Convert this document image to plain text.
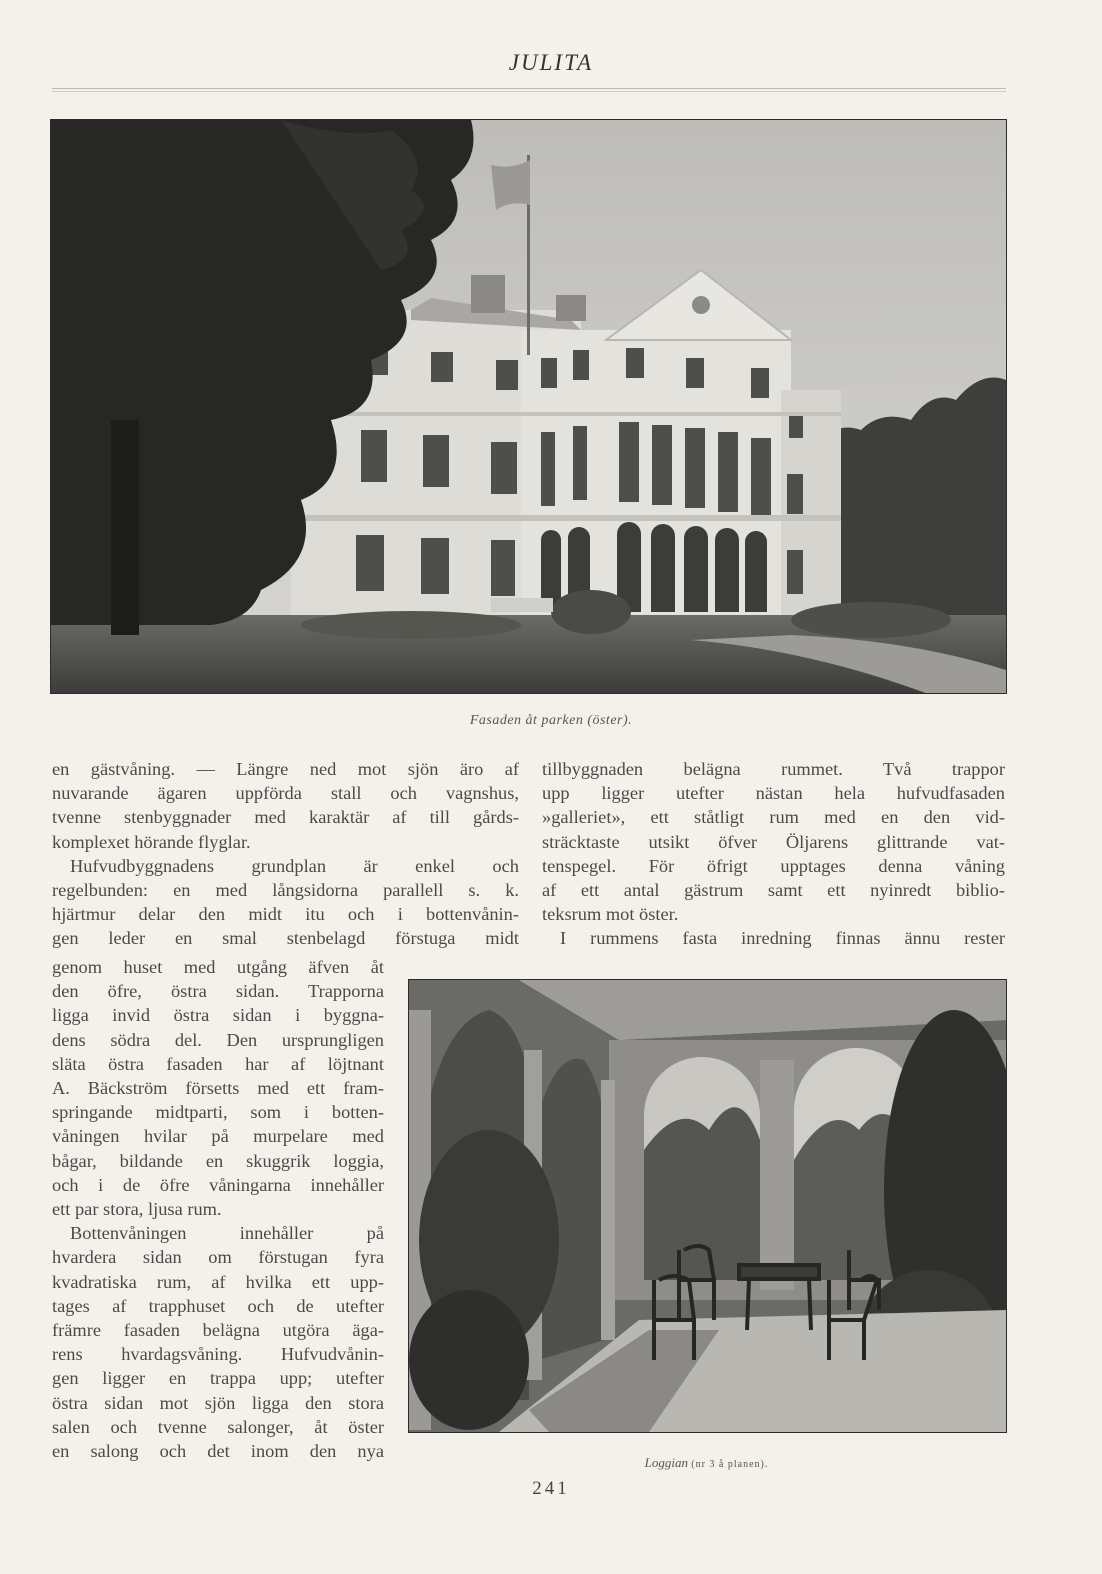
JULITA
Fasaden åt parken (öster).
en gästvåning. — Längre ned mot sjön äro af
nuvarande ägaren uppförda stall och vagnshus,
tvenne stenbyggnader med karaktär af till gårds-
komplexet hörande flyglar.
Hufvudbyggnadens grundplan är enkel och
regelbunden: en med långsidorna parallell s. k.
hjärtmur delar den midt itu och i bottenvånin-
gen leder en smal stenbelagd förstuga midt
tillbyggnaden belägna rummet. Två trappor
upp ligger utefter nästan hela hufvudfasaden
»galleriet», ett ståtligt rum med en den vid-
sträcktaste utsikt öfver Öljarens glittrande vat-
tenspegel. För öfrigt upptages denna våning
af ett antal gästrum samt ett nyinredt biblio-
teksrum mot öster.
I rummens fasta inredning finnas ännu rester
genom huset med utgång äfven åt
den öfre, östra sidan. Trapporna
ligga invid östra sidan i byggna-
dens södra del. Den ursprungligen
släta östra fasaden har af löjtnant
A. Bäckström försetts med ett fram-
springande midtparti, som i botten-
våningen hvilar på murpelare med
bågar, bildande en skuggrik loggia,
och i de öfre våningarna innehåller
ett par stora, ljusa rum.
Bottenvåningen innehåller på
hvardera sidan om förstugan fyra
kvadratiska rum, af hvilka ett upp-
tages af trapphuset och de utefter
främre fasaden belägna utgöra äga-
rens hvardagsvåning. Hufvudvånin-
gen ligger en trappa upp; utefter
östra sidan mot sjön ligga den stora
salen och tvenne salonger, åt öster
en salong och det inom den nya
Loggian (nr 3 å planen).
241
